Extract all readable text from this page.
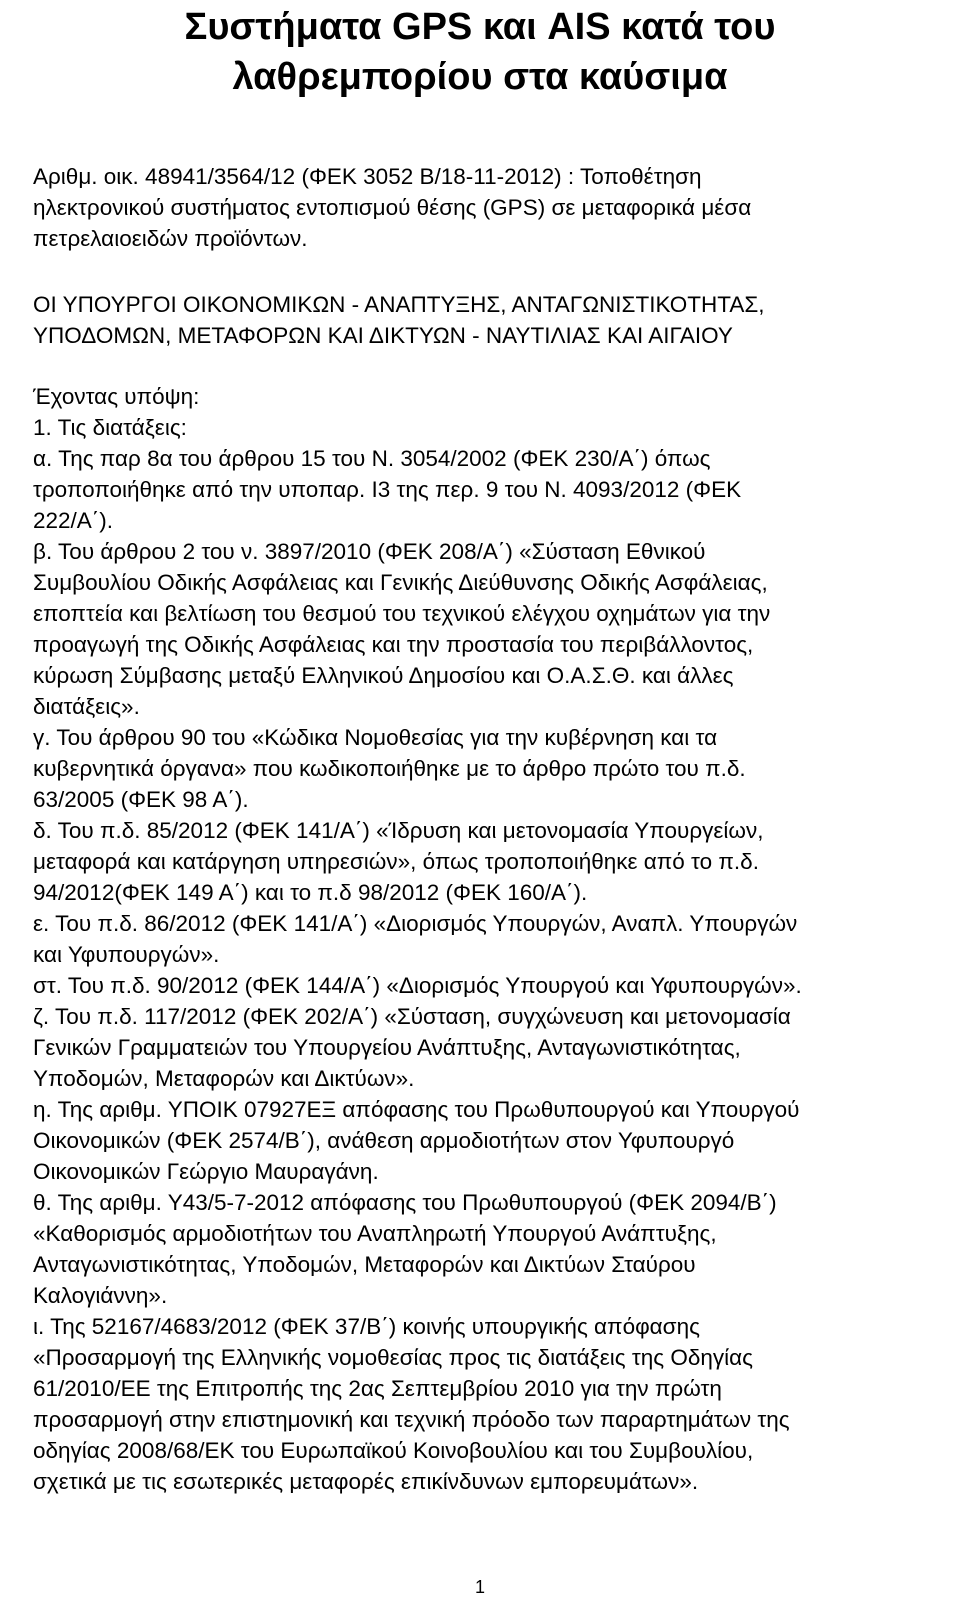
Συστήματα GPS και AIS κατά του
λαθρεμπορίου στα καύσιμα
Αριθμ. οικ. 48941/3564/12 (ΦΕΚ 3052 Β/18-11-2012) : Τοποθέτηση
ηλεκτρονικού συστήματος εντοπισμού θέσης (GPS) σε μεταφορικά μέσα
πετρελαιοειδών προϊόντων.
ΟΙ ΥΠΟΥΡΓΟΙ ΟΙΚΟΝΟΜΙΚΩΝ - ΑΝΑΠΤΥΞΗΣ, ΑΝΤΑΓΩΝΙΣΤΙΚΟΤΗΤΑΣ,
ΥΠΟΔΟΜΩΝ, ΜΕΤΑΦΟΡΩΝ ΚΑΙ ΔΙΚΤΥΩΝ - ΝΑΥΤΙΛΙΑΣ ΚΑΙ ΑΙΓΑΙΟΥ
Έχοντας υπόψη:
1. Τις διατάξεις:
α. Της παρ 8α του άρθρου 15 του Ν. 3054/2002 (ΦΕΚ 230/Α΄) όπως
τροποποιήθηκε από την υποπαρ. Ι3 της περ. 9 του Ν. 4093/2012 (ΦΕΚ
222/Α΄).
β. Του άρθρου 2 του ν. 3897/2010 (ΦΕΚ 208/Α΄) «Σύσταση Εθνικού
Συμβουλίου Οδικής Ασφάλειας και Γενικής Διεύθυνσης Οδικής Ασφάλειας,
εποπτεία και βελτίωση του θεσμού του τεχνικού ελέγχου οχημάτων για την
προαγωγή της Οδικής Ασφάλειας και την προστασία του περιβάλλοντος,
κύρωση Σύμβασης μεταξύ Ελληνικού Δημοσίου και Ο.Α.Σ.Θ. και άλλες
διατάξεις».
γ. Του άρθρου 90 του «Κώδικα Νομοθεσίας για την κυβέρνηση και τα
κυβερνητικά όργανα» που κωδικοποιήθηκε με το άρθρο πρώτο του π.δ.
63/2005 (ΦΕΚ 98 Α΄).
δ. Του π.δ. 85/2012 (ΦΕΚ 141/Α΄) «Ίδρυση και μετονομασία Υπουργείων,
μεταφορά και κατάργηση υπηρεσιών», όπως τροποποιήθηκε από το π.δ.
94/2012(ΦΕΚ 149 Α΄) και το π.δ 98/2012 (ΦΕΚ 160/Α΄).
ε. Του π.δ. 86/2012 (ΦΕΚ 141/Α΄) «Διορισμός Υπουργών, Αναπλ. Υπουργών
και Υφυπουργών».
στ. Του π.δ. 90/2012 (ΦΕΚ 144/Α΄) «Διορισμός Υπουργού και Υφυπουργών».
ζ. Του π.δ. 117/2012 (ΦΕΚ 202/Α΄) «Σύσταση, συγχώνευση και μετονομασία
Γενικών Γραμματειών του Υπουργείου Ανάπτυξης, Ανταγωνιστικότητας,
Υποδομών, Μεταφορών και Δικτύων».
η. Της αριθμ. ΥΠΟΙΚ 07927ΕΞ απόφασης του Πρωθυπουργού και Υπουργού
Οικονομικών (ΦΕΚ 2574/Β΄), ανάθεση αρμοδιοτήτων στον Υφυπουργό
Οικονομικών Γεώργιο Μαυραγάνη.
θ. Της αριθμ. Υ43/5-7-2012 απόφασης του Πρωθυπουργού (ΦΕΚ 2094/Β΄)
«Καθορισμός αρμοδιοτήτων του Αναπληρωτή Υπουργού Ανάπτυξης,
Ανταγωνιστικότητας, Υποδομών, Μεταφορών και Δικτύων Σταύρου
Καλογιάννη».
ι. Της 52167/4683/2012 (ΦΕΚ 37/Β΄) κοινής υπουργικής απόφασης
«Προσαρμογή της Ελληνικής νομοθεσίας προς τις διατάξεις της Οδηγίας
61/2010/ΕΕ της Επιτροπής της 2ας Σεπτεμβρίου 2010 για την πρώτη
προσαρμογή στην επιστημονική και τεχνική πρόοδο των παραρτημάτων της
οδηγίας 2008/68/ΕΚ του Ευρωπαϊκού Κοινοβουλίου και του Συμβουλίου,
σχετικά με τις εσωτερικές μεταφορές επικίνδυνων εμπορευμάτων».
1
